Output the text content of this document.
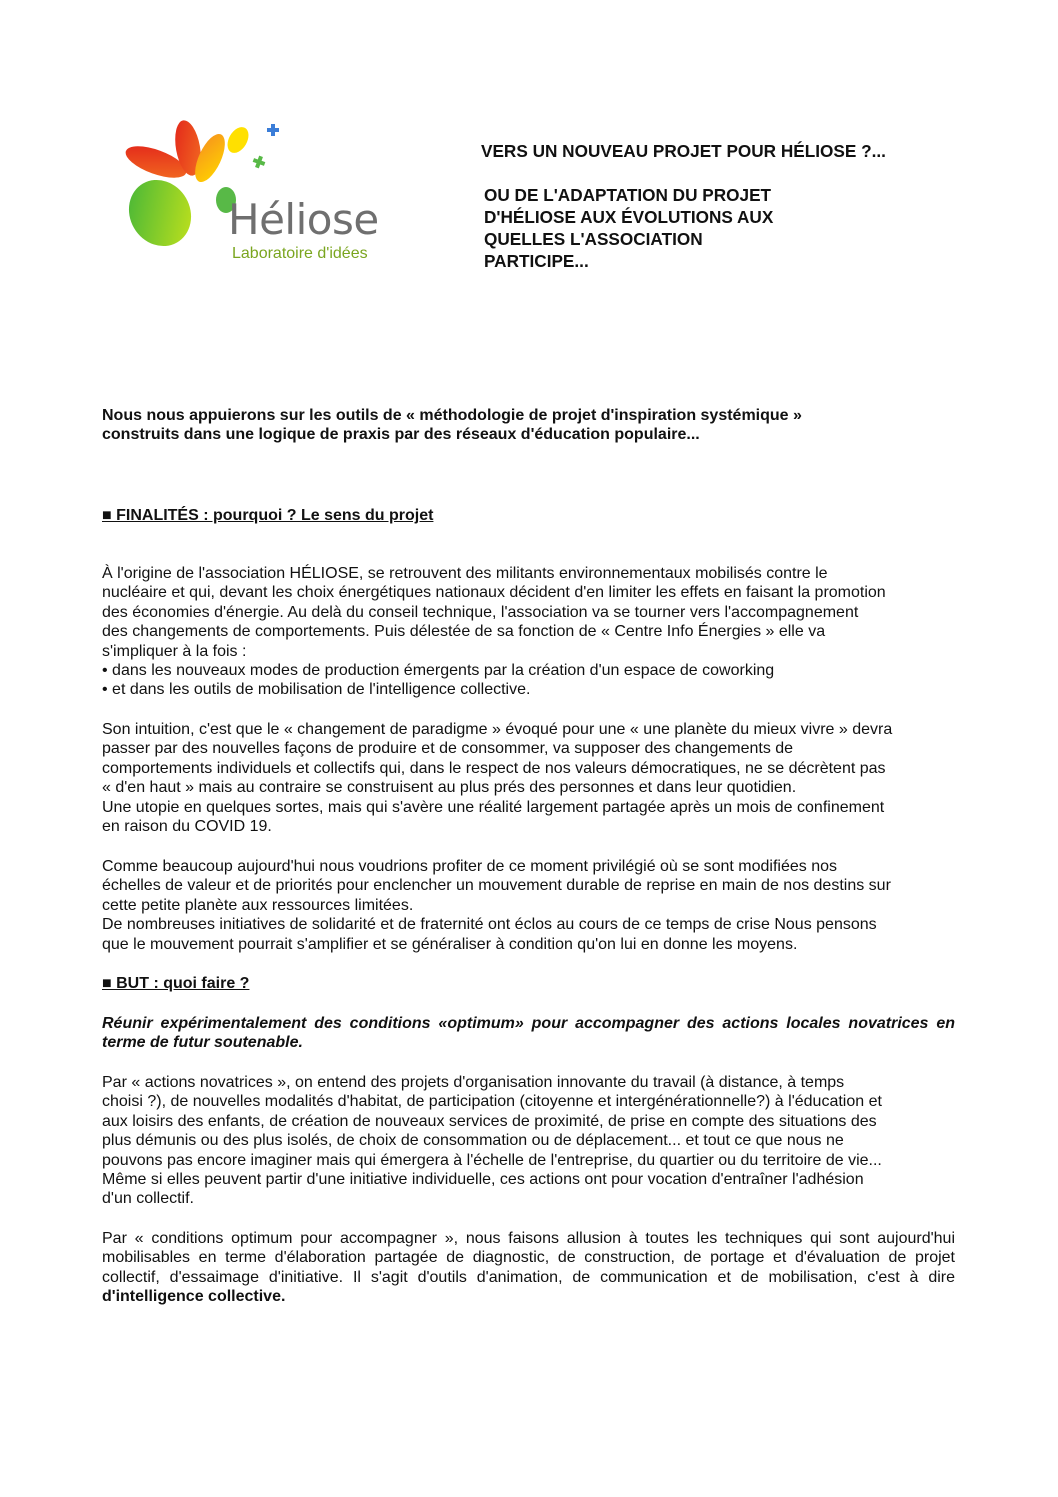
Héliose
Laboratoire d'idées
VERS UN NOUVEAU PROJET POUR HÉLIOSE ?...
OU DE L'ADAPTATION DU PROJET
D'HÉLIOSE AUX ÉVOLUTIONS AUX
QUELLES L'ASSOCIATION
PARTICIPE...
Nous nous appuierons sur les outils de « méthodologie de projet d'inspiration systémique »
construits dans une logique de praxis par des réseaux d'éducation populaire...
■ FINALITÉS : pourquoi ? Le sens du projet
À l'origine de l'association HÉLIOSE, se retrouvent des militants environnementaux mobilisés contre le
nucléaire et qui, devant les choix énergétiques nationaux décident d'en limiter les effets en faisant la promotion
des économies d'énergie. Au delà du conseil technique, l'association va se tourner vers l'accompagnement
des changements de comportements. Puis délestée de sa fonction de « Centre Info Énergies » elle va
s'impliquer à la fois :
• dans les nouveaux modes de production émergents par la création d'un espace de coworking
• et dans les outils de mobilisation de l'intelligence collective.
Son intuition, c'est que le « changement de paradigme » évoqué pour une « une planète du mieux vivre » devra
passer par des nouvelles façons de produire et de consommer, va supposer des changements de
comportements individuels et collectifs qui, dans le respect de nos valeurs démocratiques, ne se décrètent pas
« d'en haut » mais au contraire se construisent au plus prés des personnes et dans leur quotidien.
Une utopie en quelques sortes, mais qui s'avère une réalité largement partagée après un mois de confinement
en raison du COVID 19.
Comme beaucoup aujourd'hui nous voudrions profiter de ce moment privilégié où se sont modifiées nos
échelles de valeur et de priorités pour enclencher un mouvement durable de reprise en main de nos destins sur
cette petite planète aux ressources limitées.
De nombreuses initiatives de solidarité et de fraternité ont éclos au cours de ce temps de crise Nous pensons
que le mouvement pourrait s'amplifier et se généraliser à condition qu'on lui en donne les moyens.
■ BUT : quoi faire ?
Réunir expérimentalement des conditions «optimum» pour accompagner des actions locales novatrices en terme de futur soutenable.
Par « actions novatrices », on entend des projets d'organisation innovante du travail (à distance, à temps
choisi ?), de nouvelles modalités d'habitat, de participation (citoyenne et intergénérationnelle?) à l'éducation et
aux loisirs des enfants, de création de nouveaux services de proximité, de prise en compte des situations des
plus démunis ou des plus isolés, de choix de consommation ou de déplacement... et tout ce que nous ne
pouvons pas encore imaginer mais qui émergera à l'échelle de l'entreprise, du quartier ou du territoire de vie...
Même si elles peuvent partir d'une initiative individuelle, ces actions ont pour vocation d'entraîner l'adhésion
d'un collectif.
Par « conditions optimum pour accompagner », nous faisons allusion à toutes les techniques qui sont aujourd'hui mobilisables en terme d'élaboration partagée de diagnostic, de construction, de portage et d'évaluation de projet collectif, d'essaimage d'initiative. Il s'agit d'outils d'animation, de communication et de mobilisation, c'est à dire d'intelligence collective.
